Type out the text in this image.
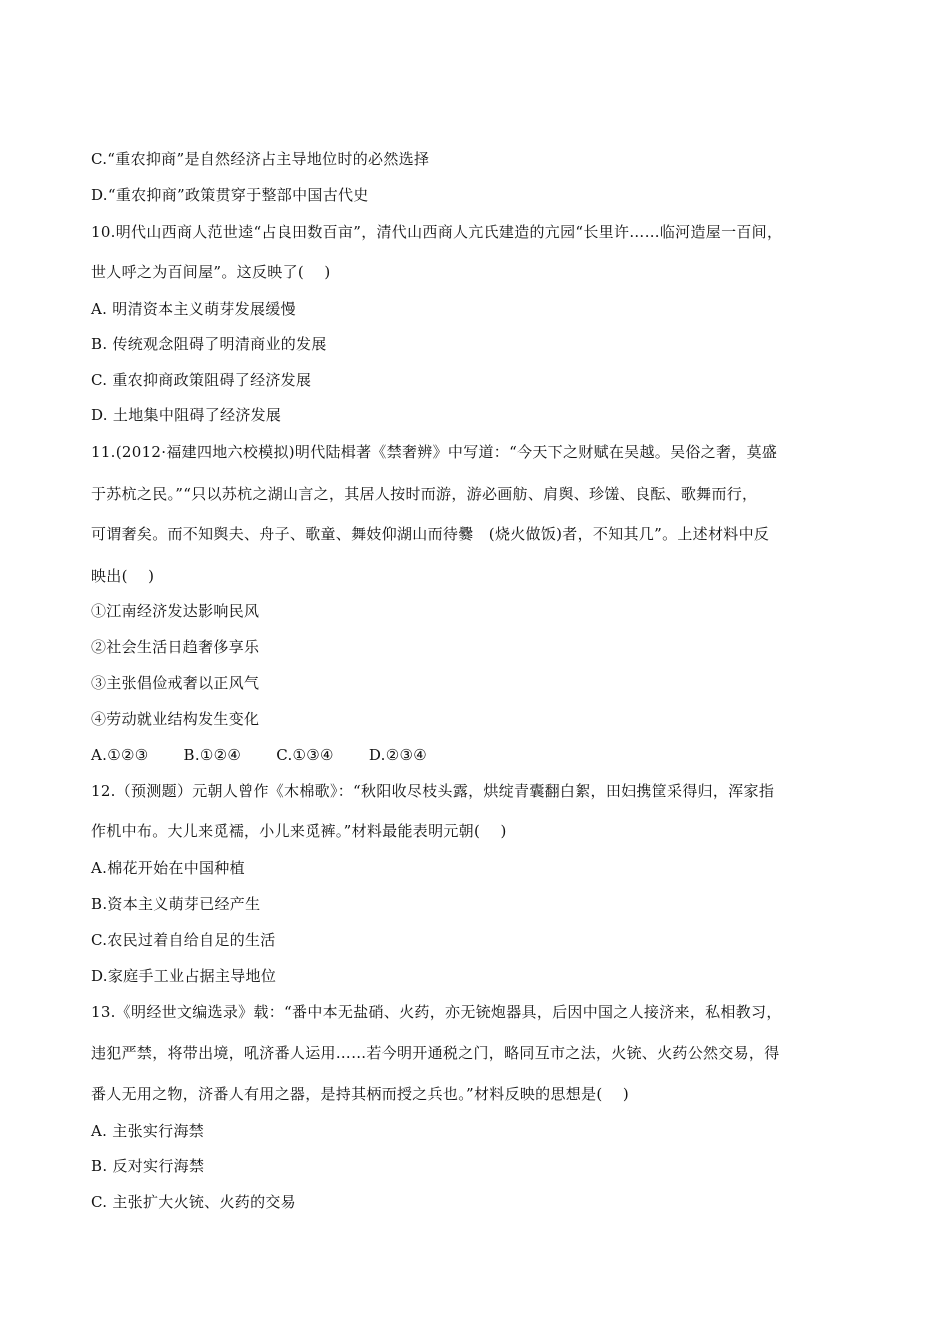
C.“重农抑商”是自然经济占主导地位时的必然选择
D.“重农抑商”政策贯穿于整部中国古代史
10.明代山西商人范世逵“占良田数百亩”，清代山西商人亢氏建造的亢园“长里许……临河造屋一百间，
世人呼之为百间屋”。这反映了(　 )
A. 明清资本主义萌芽发展缓慢
B. 传统观念阻碍了明清商业的发展
C. 重农抑商政策阻碍了经济发展
D. 土地集中阻碍了经济发展
11.(2012·福建四地六校模拟)明代陆楫著《禁奢辨》中写道：“今天下之财赋在吴越。吴俗之奢，莫盛
于苏杭之民。”“只以苏杭之湖山言之，其居人按时而游，游必画舫、肩舆、珍馐、良酝、歌舞而行，
可谓奢矣。而不知舆夫、舟子、歌童、舞妓仰湖山而待爨　(烧火做饭)者，不知其几”。上述材料中反
映出(　 )
①江南经济发达影响民风
②社会生活日趋奢侈享乐
③主张倡俭戒奢以正风气
④劳动就业结构发生变化
A.①②③ B.①②④ C.①③④ D.②③④
12.（预测题）元朝人曾作《木棉歌》：“秋阳收尽枝头露，烘绽青囊翻白絮，田妇携筐采得归，浑家指
作机中布。大儿来觅襦，小儿来觅裤。”材料最能表明元朝(　 )
A.棉花开始在中国种植
B.资本主义萌芽已经产生
C.农民过着自给自足的生活
D.家庭手工业占据主导地位
13.《明经世文编选录》载：“番中本无盐硝、火药，亦无铳炮器具，后因中国之人接济来，私相教习，
违犯严禁，将带出境，吼济番人运用……若今明开通税之门，略同互市之法，火铳、火药公然交易，得
番人无用之物，济番人有用之器，是持其柄而授之兵也。”材料反映的思想是(　 )
A. 主张实行海禁
B. 反对实行海禁
C. 主张扩大火铳、火药的交易
